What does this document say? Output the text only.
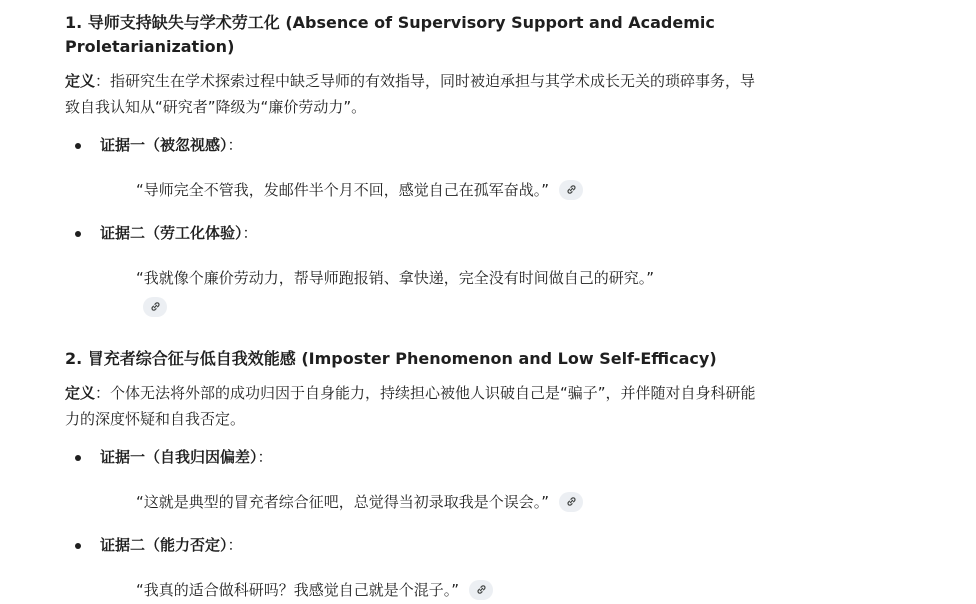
1. 导师支持缺失与学术劳工化 (Absence of Supervisory Support and Academic Proletarianization)

定义：指研究生在学术探索过程中缺乏导师的有效指导，同时被迫承担与其学术成长无关的琐碎事务，导致自我认知从“研究者”降级为“廉价劳动力”。

证据一（被忽视感）：
“导师完全不管我，发邮件半个月不回，感觉自己在孤军奋战。”
证据二（劳工化体验）：
“我就像个廉价劳动力，帮导师跑报销、拿快递，完全没有时间做自己的研究。”
2. 冒充者综合征与低自我效能感 (Imposter Phenomenon and Low Self-Efficacy)

定义：个体无法将外部的成功归因于自身能力，持续担心被他人识破自己是“骗子”，并伴随对自身科研能力的深度怀疑和自我否定。

证据一（自我归因偏差）：
“这就是典型的冒充者综合征吧，总觉得当初录取我是个误会。”
证据二（能力否定）：
“我真的适合做科研吗？我感觉自己就是个混子。”
